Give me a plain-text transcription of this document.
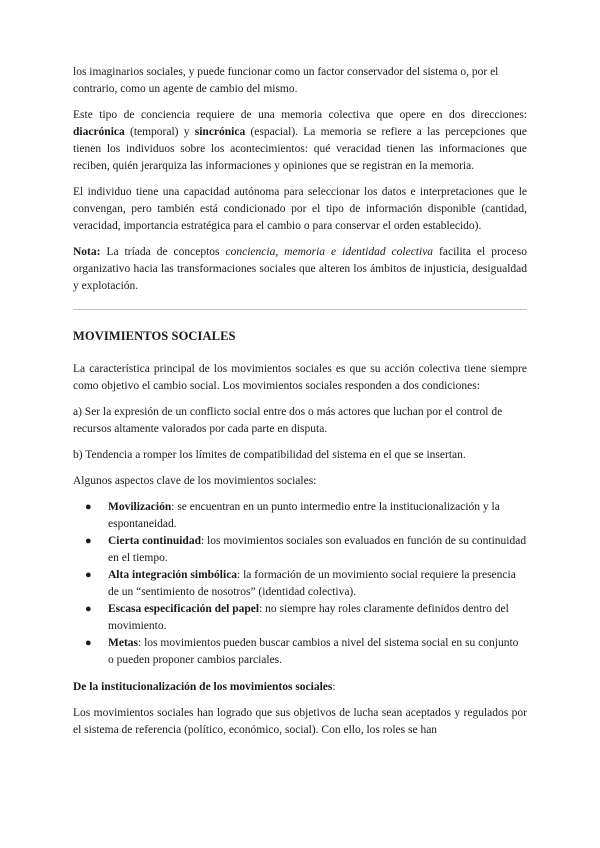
los imaginarios sociales, y puede funcionar como un factor conservador del sistema o, por el contrario, como un agente de cambio del mismo.

Este tipo de conciencia requiere de una memoria colectiva que opere en dos direcciones: diacrónica (temporal) y sincrónica (espacial). La memoria se refiere a las percepciones que tienen los individuos sobre los acontecimientos: qué veracidad tienen las informaciones que reciben, quién jerarquiza las informaciones y opiniones que se registran en la memoria.

El individuo tiene una capacidad autónoma para seleccionar los datos e interpretaciones que le convengan, pero también está condicionado por el tipo de información disponible (cantidad, veracidad, importancia estratégica para el cambio o para conservar el orden establecido).

Nota: La tríada de conceptos conciencia, memoria e identidad colectiva facilita el proceso organizativo hacia las transformaciones sociales que alteren los ámbitos de injusticia, desigualdad y explotación.

MOVIMIENTOS SOCIALES

La característica principal de los movimientos sociales es que su acción colectiva tiene siempre como objetivo el cambio social. Los movimientos sociales responden a dos condiciones:

a) Ser la expresión de un conflicto social entre dos o más actores que luchan por el control de recursos altamente valorados por cada parte en disputa.

b) Tendencia a romper los límites de compatibilidad del sistema en el que se insertan.

Algunos aspectos clave de los movimientos sociales:

● Movilización: se encuentran en un punto intermedio entre la institucionalización y la espontaneidad.
● Cierta continuidad: los movimientos sociales son evaluados en función de su continuidad en el tiempo.
● Alta integración simbólica: la formación de un movimiento social requiere la presencia de un “sentimiento de nosotros” (identidad colectiva).
● Escasa especificación del papel: no siempre hay roles claramente definidos dentro del movimiento.
● Metas: los movimientos pueden buscar cambios a nivel del sistema social en su conjunto o pueden proponer cambios parciales.

De la institucionalización de los movimientos sociales:

Los movimientos sociales han logrado que sus objetivos de lucha sean aceptados y regulados por el sistema de referencia (político, económico, social). Con ello, los roles se han
